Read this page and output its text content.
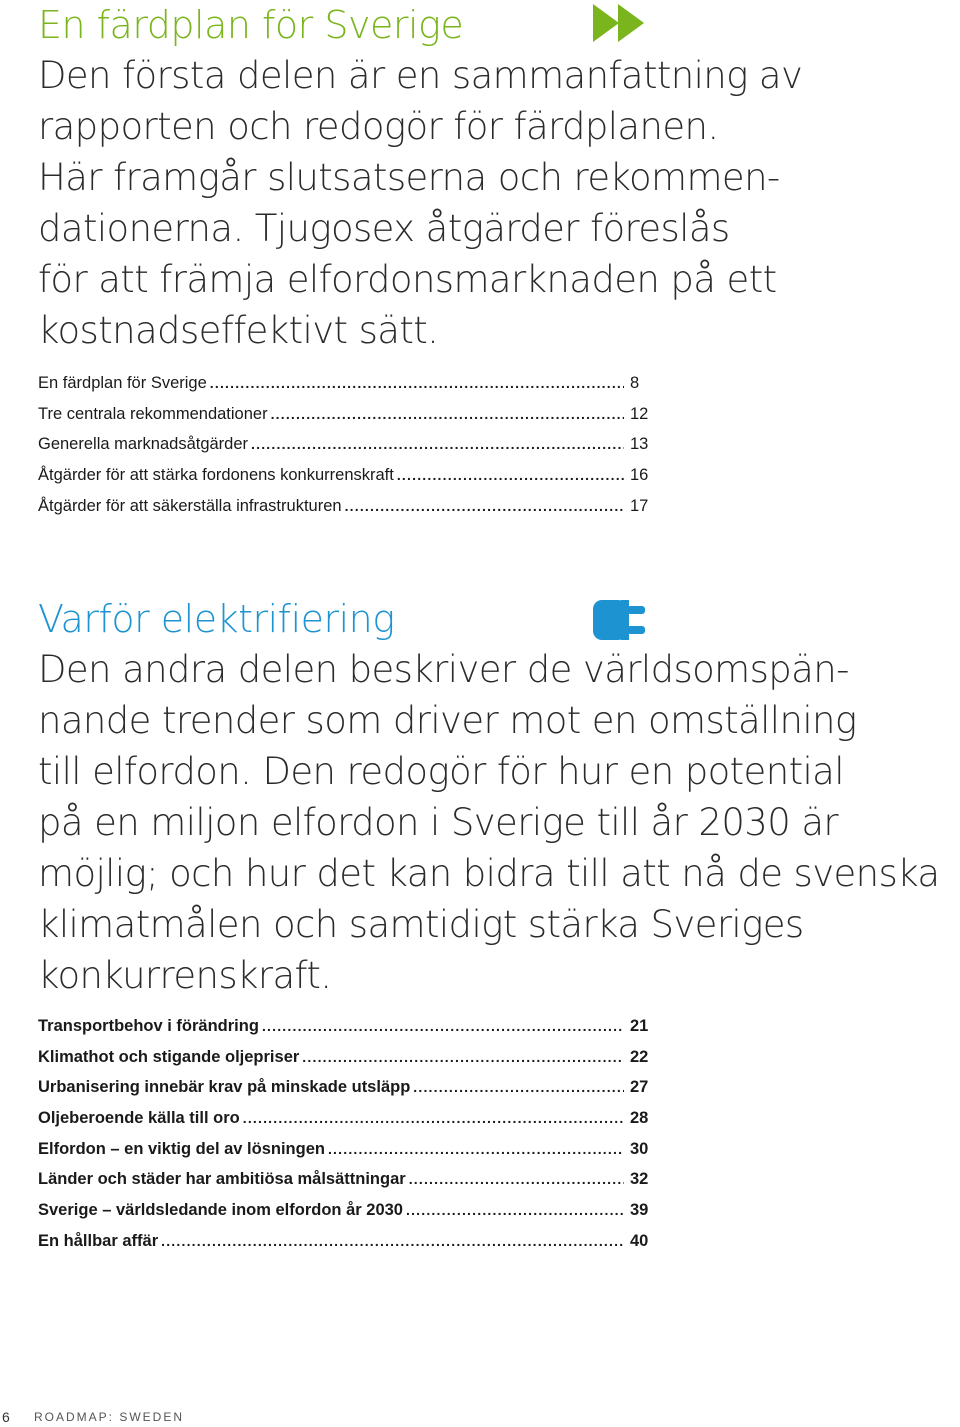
En färdplan för Sverige

Den första delen är en sammanfattning av
rapporten och redogör för färdplanen.
Här framgår slutsatserna och rekommen-
dationerna. Tjugosex åtgärder föreslås
för att främja elfordonsmarknaden på ett
kostnadseffektivt sätt.

En färdplan för Sverige .....	8
Tre centrala rekommendationer .....	12
Generella marknadsåtgärder .....	13
Åtgärder för att stärka fordonens konkurrenskraft .....	16
Åtgärder för att säkerställa infrastrukturen .....	17
Varför elektrifiering

Den andra delen beskriver de världsomspän-
nande trender som driver mot en omställning
till elfordon. Den redogör för hur en potential
på en miljon elfordon i Sverige till år 2030 är
möjlig; och hur det kan bidra till att nå de svenska
klimatmålen och samtidigt stärka Sveriges
konkurrenskraft.

Transportbehov i förändring .....	21
Klimathot och stigande oljepriser .....	22
Urbanisering innebär krav på minskade utsläpp .....	27
Oljeberoende källa till oro .....	28
Elfordon – en viktig del av lösningen .....	30
Länder och städer har ambitiösa målsättningar .....	32
Sverige – världsledande inom elfordon år 2030 .....	39
En hållbar affär .....	40
6	ROADMAP: SWEDEN
